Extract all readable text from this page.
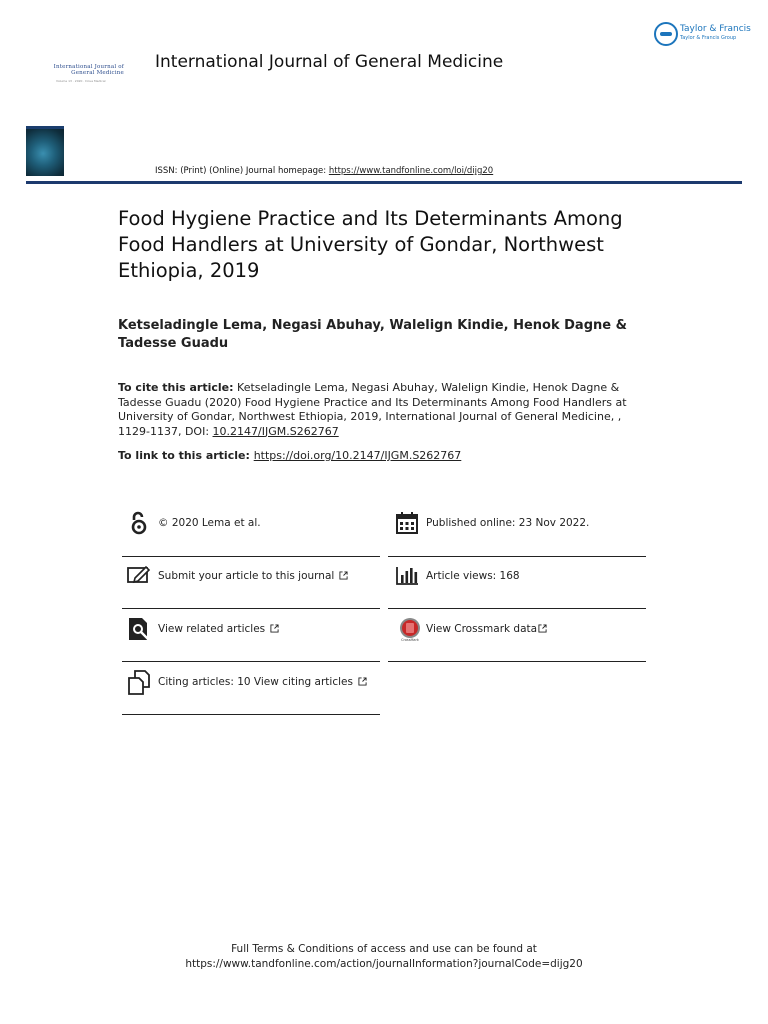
Taylor & Francis
Taylor & Francis Group
International Journal of
General Medicine
Volume 13 · 2020 · Dove Medical
International Journal of General Medicine
ISSN: (Print) (Online) Journal homepage: https://www.tandfonline.com/loi/dijg20
Food Hygiene Practice and Its Determinants Among Food Handlers at University of Gondar, Northwest Ethiopia, 2019
Ketseladingle Lema, Negasi Abuhay, Walelign Kindie, Henok Dagne & Tadesse Guadu
To cite this article: Ketseladingle Lema, Negasi Abuhay, Walelign Kindie, Henok Dagne & Tadesse Guadu (2020) Food Hygiene Practice and Its Determinants Among Food Handlers at University of Gondar, Northwest Ethiopia, 2019, International Journal of General Medicine, , 1129-1137, DOI: 10.2147/IJGM.S262767
To link to this article: https://doi.org/10.2147/IJGM.S262767
© 2020 Lema et al.	Published online: 23 Nov 2022.
Submit your article to this journal	Article views: 168
View related articles
CrossMark
View Crossmark data
Citing articles: 10 View citing articles
Full Terms & Conditions of access and use can be found at
https://www.tandfonline.com/action/journalInformation?journalCode=dijg20
